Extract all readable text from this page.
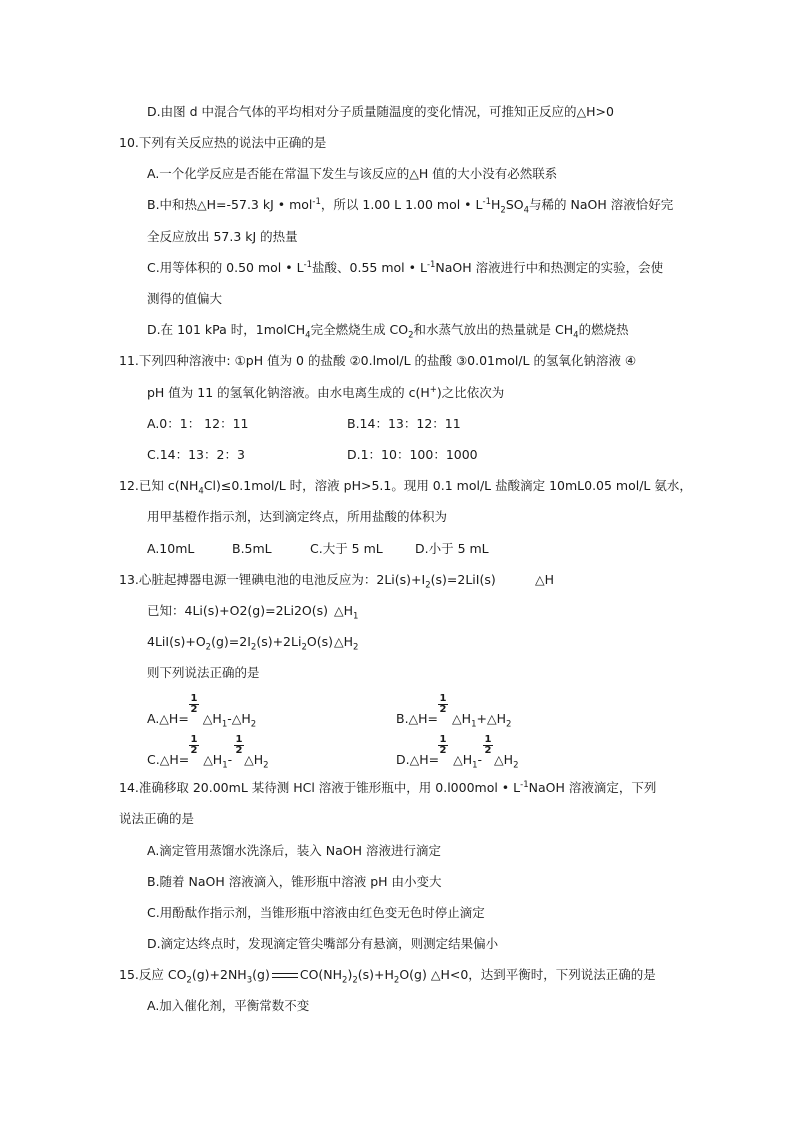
D.由图 d 中混合气体的平均相对分子质量随温度的变化情况，可推知正反应的△H>0
10.下列有关反应热的说法中正确的是
A.一个化学反应是否能在常温下发生与该反应的△H 值的大小没有必然联系
B.中和热△H=-57.3 kJ • mol$^{-1}$，所以 1.00 L 1.00 mol • $L^{-1}H_2SO_4$与稀的 NaOH 溶液恰好完
全反应放出 57.3 kJ 的热量
C.用等体积的 0.50 mol • $L^{-1}$盐酸、0.55 mol • $L^{-1}NaOH$ 溶液进行中和热测定的实验，会使
测得的值偏大
D.在 101 kPa 时，1molCH$_4$完全燃烧生成 $CO_2$和水蒸气放出的热量就是 $CH_4$的燃烧热
11.下列四种溶液中: ①pH 值为 0 的盐酸 ②0.lmol/L 的盐酸 ③0.01mol/L 的氢氧化钠溶液 ④
pH 值为 11 的氢氧化钠溶液。由水电离生成的 c(H+)之比依次为
A.0：1： 12：11	B.14：13：12：11
C.14：13：2：3	D.1：10：100：1000
12.已知 $c(NH_4Cl)\le 0.1mol/L$ 时，溶液 pH>5.1。现用 0.1 mol/L 盐酸滴定 10mL0.05 mol/L 氨水，
用甲基橙作指示剂，达到滴定终点，所用盐酸的体积为
A.10mL	B.5mL	C.大于 5 mL	D.小于 5 mL
13.心脏起搏器电源一锂碘电池的电池反应为：$2Li(s)+I_2(s)=2LiI(s)$	△H
已知：4Li(s)+O2(g)=2Li2O(s) $\triangle H_1$
$4LiI(s)+O_2(g)=2I_2(s)+2Li_2O(s)$ $\triangle H_2$
则下列说法正确的是
$\frac{1}{2}$
A.△H= $\triangle H_1-\triangle H_2$
$\frac{1}{2}$
B.△H= $\triangle H_1+\triangle H_2$
$\frac{1}{2}$	$\frac{1}{2}$
C.△H= $\triangle H_1-$ $\triangle H_2$
$\frac{1}{2}$	$\frac{1}{2}$
D.△H= $\triangle H_1-$ $\triangle H_2$
14.准确移取 20.00mL 某待测 HCl 溶液于锥形瓶中，用 0.l000mol • $L^{-1}NaOH$ 溶液滴定，下列
说法正确的是
A.滴定管用蒸馏水洗涤后，装入 NaOH 溶液进行滴定
B.随着 NaOH 溶液滴入，锥形瓶中溶液 pH 由小变大
C.用酚酞作指示剂，当锥形瓶中溶液由红色变无色时停止滴定
D.滴定达终点时，发现滴定管尖嘴部分有悬滴，则测定结果偏小
15.反应 $CO_2(g)+2NH_3(g)$ $CO(NH_2)_2(s)+H_2O(g)$ △H<0，达到平衡时，下列说法正确的是
A.加入催化剂，平衡常数不变
